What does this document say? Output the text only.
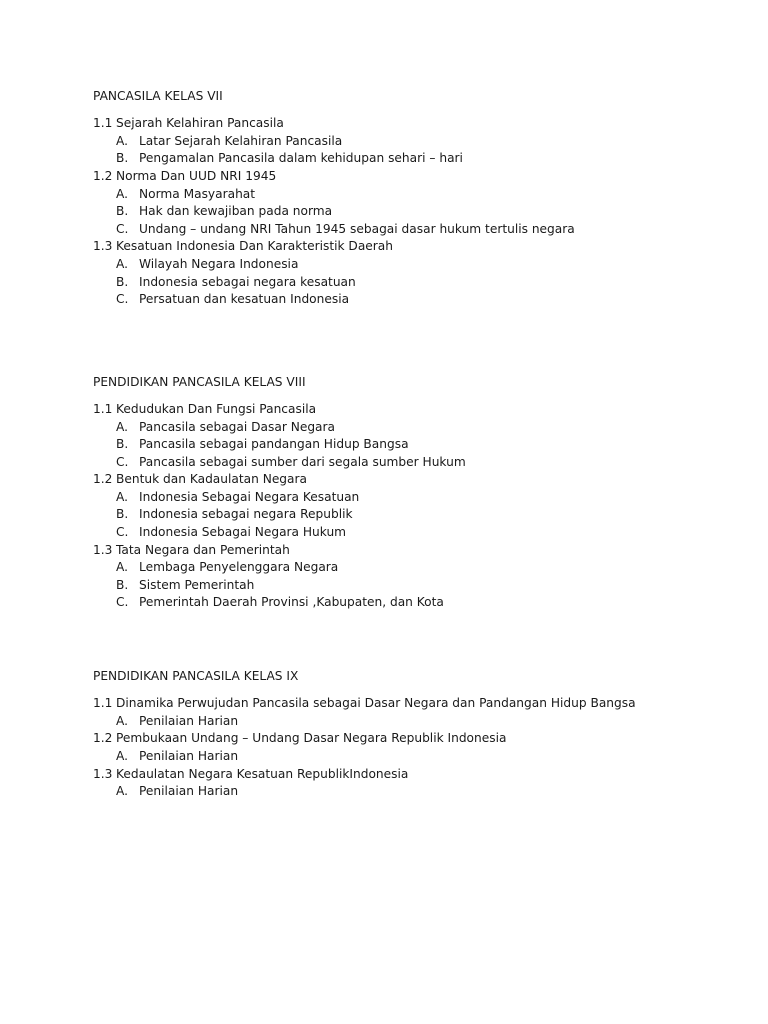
PANCASILA KELAS VII
1.1 Sejarah Kelahiran Pancasila
A. Latar Sejarah Kelahiran Pancasila
B. Pengamalan Pancasila dalam kehidupan sehari – hari
1.2 Norma Dan UUD NRI 1945
A. Norma Masyarahat
B. Hak dan kewajiban pada norma
C. Undang – undang NRI Tahun 1945 sebagai dasar hukum tertulis negara
1.3 Kesatuan Indonesia Dan Karakteristik Daerah
A. Wilayah Negara Indonesia
B. Indonesia sebagai negara kesatuan
C. Persatuan dan kesatuan Indonesia
PENDIDIKAN PANCASILA KELAS VIII
1.1 Kedudukan Dan Fungsi Pancasila
A. Pancasila sebagai Dasar Negara
B. Pancasila sebagai pandangan Hidup Bangsa
C. Pancasila sebagai sumber dari segala sumber Hukum
1.2 Bentuk dan Kadaulatan Negara
A. Indonesia Sebagai Negara Kesatuan
B. Indonesia sebagai negara Republik
C. Indonesia Sebagai Negara Hukum
1.3 Tata Negara dan Pemerintah
A. Lembaga Penyelenggara Negara
B. Sistem Pemerintah
C. Pemerintah Daerah Provinsi ,Kabupaten, dan Kota
PENDIDIKAN PANCASILA KELAS IX
1.1 Dinamika Perwujudan Pancasila sebagai Dasar Negara dan Pandangan Hidup Bangsa
A. Penilaian Harian
1.2 Pembukaan Undang – Undang Dasar Negara Republik Indonesia
A. Penilaian Harian
1.3 Kedaulatan Negara Kesatuan RepublikIndonesia
A. Penilaian Harian
